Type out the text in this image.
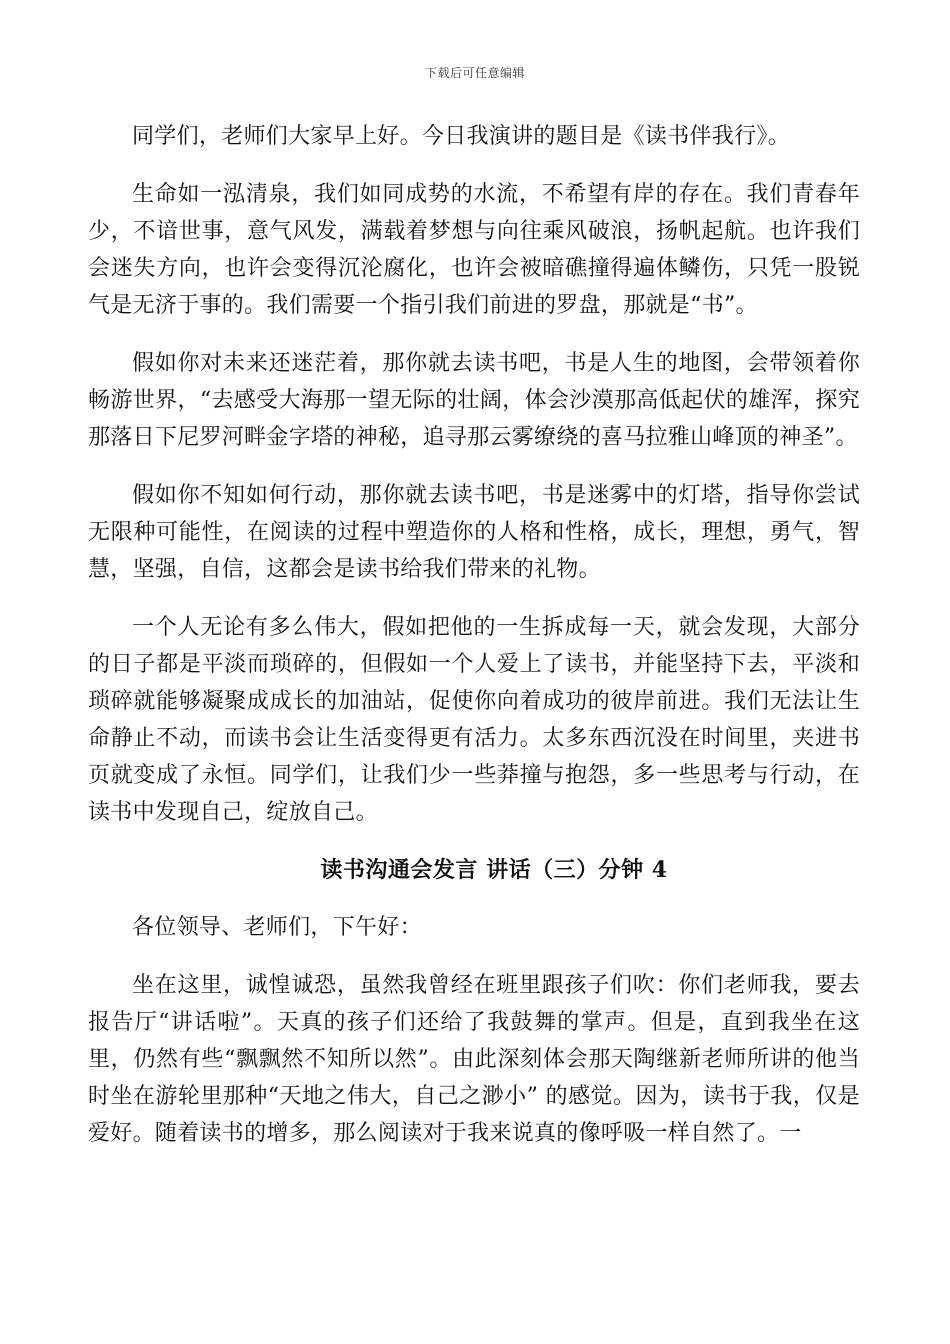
下载后可任意编辑

同学们，老师们大家早上好。今日我演讲的题目是《读书伴我行》。

生命如一泓清泉，我们如同成势的水流，不希望有岸的存在。我们青春年少，不谙世事，意气风发，满载着梦想与向往乘风破浪，扬帆起航。也许我们会迷失方向，也许会变得沉沦腐化，也许会被暗礁撞得遍体鳞伤，只凭一股锐气是无济于事的。我们需要一个指引我们前进的罗盘，那就是“书”。

假如你对未来还迷茫着，那你就去读书吧，书是人生的地图，会带领着你畅游世界，“去感受大海那一望无际的壮阔，体会沙漠那高低起伏的雄浑，探究那落日下尼罗河畔金字塔的神秘，追寻那云雾缭绕的喜马拉雅山峰顶的神圣”。

假如你不知如何行动，那你就去读书吧，书是迷雾中的灯塔，指导你尝试无限种可能性，在阅读的过程中塑造你的人格和性格，成长，理想，勇气，智慧，坚强，自信，这都会是读书给我们带来的礼物。

一个人无论有多么伟大，假如把他的一生拆成每一天，就会发现，大部分的日子都是平淡而琐碎的，但假如一个人爱上了读书，并能坚持下去，平淡和琐碎就能够凝聚成成长的加油站，促使你向着成功的彼岸前进。我们无法让生命静止不动，而读书会让生活变得更有活力。太多东西沉没在时间里，夹进书页就变成了永恒。同学们，让我们少一些莽撞与抱怨，多一些思考与行动，在读书中发现自己，绽放自己。

读书沟通会发言 讲话（三）分钟 4

各位领导、老师们，下午好：

坐在这里，诚惶诚恐，虽然我曾经在班里跟孩子们吹：你们老师我，要去报告厅“讲话啦”。天真的孩子们还给了我鼓舞的掌声。但是，直到我坐在这里，仍然有些“飘飘然不知所以然”。由此深刻体会那天陶继新老师所讲的他当时坐在游轮里那种“天地之伟大，自己之渺小” 的感觉。因为，读书于我，仅是爱好。随着读书的增多，那么阅读对于我来说真的像呼吸一样自然了。一
